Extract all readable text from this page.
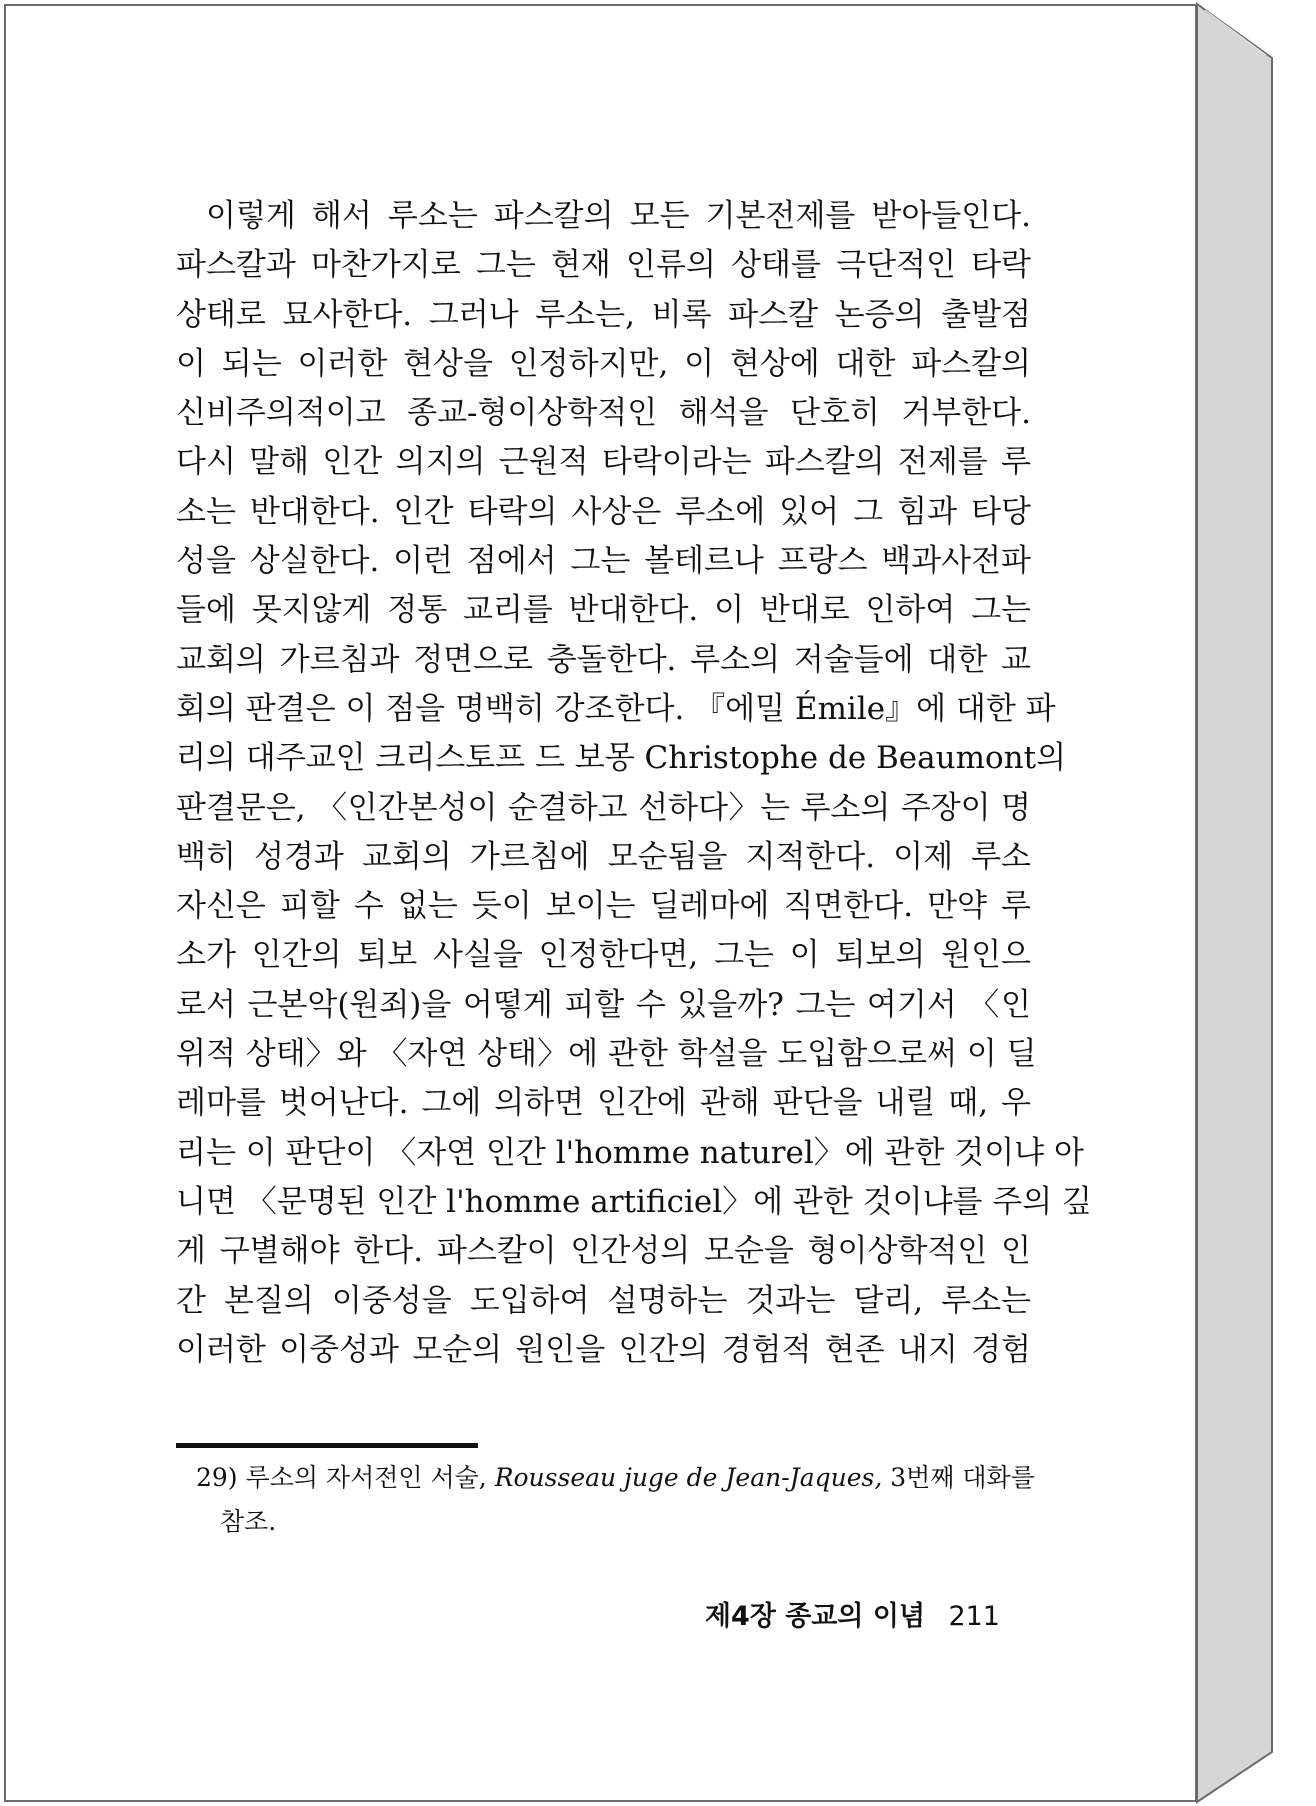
이렇게 해서 루소는 파스칼의 모든 기본전제를 받아들인다.
파스칼과 마찬가지로 그는 현재 인류의 상태를 극단적인 타락
상태로 묘사한다. 그러나 루소는, 비록 파스칼 논증의 출발점
이 되는 이러한 현상을 인정하지만, 이 현상에 대한 파스칼의
신비주의적이고 종교-형이상학적인 해석을 단호히 거부한다.
다시 말해 인간 의지의 근원적 타락이라는 파스칼의 전제를 루
소는 반대한다. 인간 타락의 사상은 루소에 있어 그 힘과 타당
성을 상실한다. 이런 점에서 그는 볼테르나 프랑스 백과사전파
들에 못지않게 정통 교리를 반대한다. 이 반대로 인하여 그는
교회의 가르침과 정면으로 충돌한다. 루소의 저술들에 대한 교
회의 판결은 이 점을 명백히 강조한다. 『에밀 Émile』에 대한 파
리의 대주교인 크리스토프 드 보몽 Christophe de Beaumont의
판결문은, 〈인간본성이 순결하고 선하다〉는 루소의 주장이 명
백히 성경과 교회의 가르침에 모순됨을 지적한다. 이제 루소
자신은 피할 수 없는 듯이 보이는 딜레마에 직면한다. 만약 루
소가 인간의 퇴보 사실을 인정한다면, 그는 이 퇴보의 원인으
로서 근본악(원죄)을 어떻게 피할 수 있을까? 그는 여기서 〈인
위적 상태〉와 〈자연 상태〉에 관한 학설을 도입함으로써 이 딜
레마를 벗어난다. 그에 의하면 인간에 관해 판단을 내릴 때, 우
리는 이 판단이 〈자연 인간 l'homme naturel〉에 관한 것이냐 아
니면 〈문명된 인간 l'homme artificiel〉에 관한 것이냐를 주의 깊
게 구별해야 한다. 파스칼이 인간성의 모순을 형이상학적인 인
간 본질의 이중성을 도입하여 설명하는 것과는 달리, 루소는
이러한 이중성과 모순의 원인을 인간의 경험적 현존 내지 경험
29) 루소의 자서전인 서술, Rousseau juge de Jean-Jaques, 3번째 대화를
참조.
제4장 종교의 이념 211
